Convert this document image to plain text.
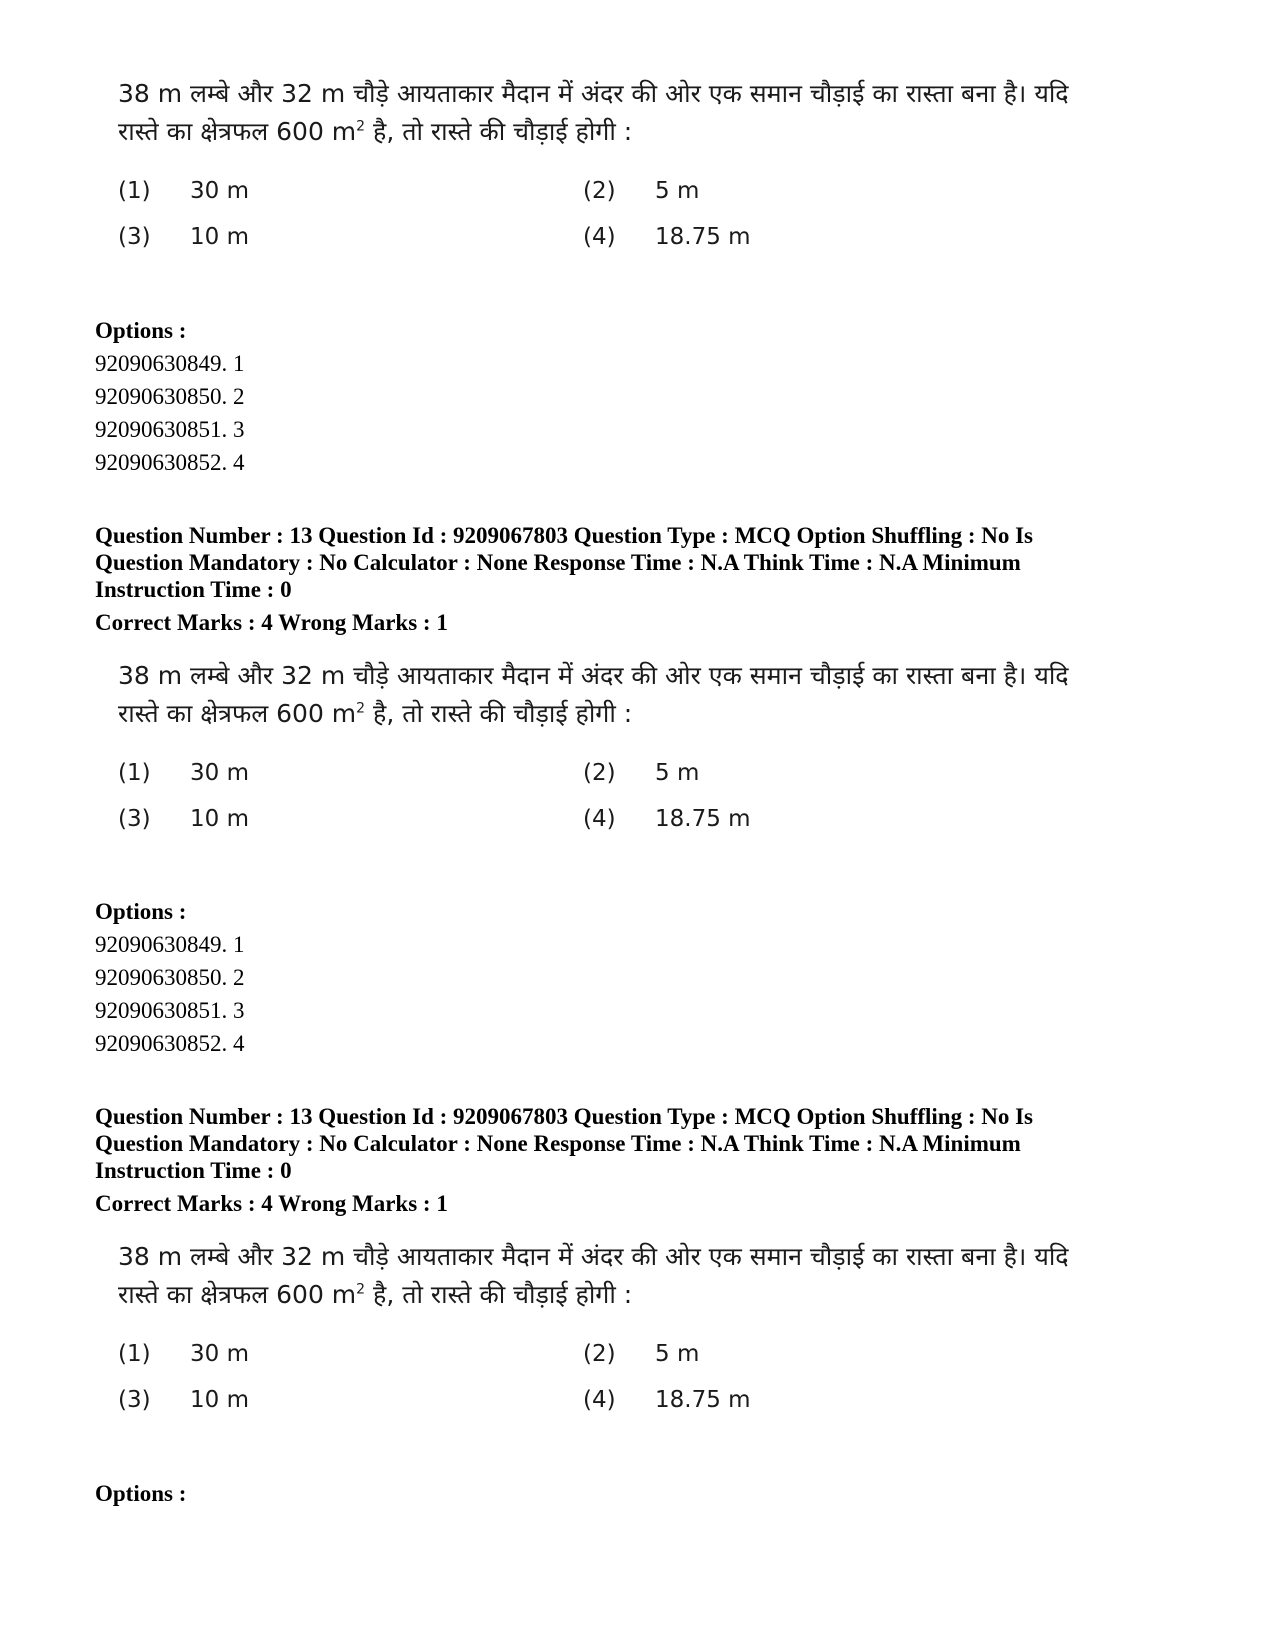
38 m लम्बे और 32 m चौड़े आयताकार मैदान में अंदर की ओर एक समान चौड़ाई का रास्ता बना है। यदि
रास्ते का क्षेत्रफल 600 $m^2$ है, तो रास्ते की चौड़ाई होगी :

(1) 30 m	(2) 5 m
(3) 10 m	(4) 18.75 m
Options :
92090630849. 1
92090630850. 2
92090630851. 3
92090630852. 4
Question Number : 13 Question Id : 9209067803 Question Type : MCQ Option Shuffling : No Is
Question Mandatory : No Calculator : None Response Time : N.A Think Time : N.A Minimum
Instruction Time : 0
Correct Marks : 4 Wrong Marks : 1

38 m लम्बे और 32 m चौड़े आयताकार मैदान में अंदर की ओर एक समान चौड़ाई का रास्ता बना है। यदि
रास्ते का क्षेत्रफल 600 $m^2$ है, तो रास्ते की चौड़ाई होगी :

(1) 30 m	(2) 5 m
(3) 10 m	(4) 18.75 m
Options :
92090630849. 1
92090630850. 2
92090630851. 3
92090630852. 4
Question Number : 13 Question Id : 9209067803 Question Type : MCQ Option Shuffling : No Is
Question Mandatory : No Calculator : None Response Time : N.A Think Time : N.A Minimum
Instruction Time : 0
Correct Marks : 4 Wrong Marks : 1

38 m लम्बे और 32 m चौड़े आयताकार मैदान में अंदर की ओर एक समान चौड़ाई का रास्ता बना है। यदि
रास्ते का क्षेत्रफल 600 $m^2$ है, तो रास्ते की चौड़ाई होगी :

(1) 30 m	(2) 5 m
(3) 10 m	(4) 18.75 m
Options :
